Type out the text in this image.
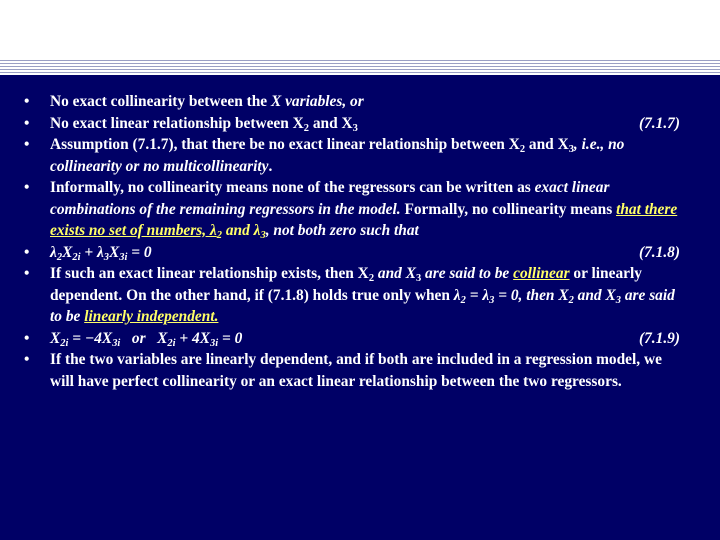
• No exact collinearity between the X variables, or
• No exact linear relationship between $X_2$ and $X_3$	(7.1.7)
• Assumption (7.1.7), that there be no exact linear relationship between $X_2$ and $X_3$, i.e., no collinearity or no multicollinearity.
• Informally, no collinearity means none of the regressors can be written as exact linear combinations of the remaining regressors in the model. Formally, no collinearity means that there exists no set of numbers, $\lambda_2$ and $\lambda_3$, not both zero such that
• $\lambda_2X_{2i} + \lambda_3X_{3i} = 0$	(7.1.8)
• If such an exact linear relationship exists, then $X_2$ and $X_3$ are said to be collinear or linearly dependent. On the other hand, if (7.1.8) holds true only when $\lambda_2 = \lambda_3 = 0$, then $X_2$ and $X_3$ are said to be linearly independent.
• $X_{2i} = -4X_{3i}$   or   $X_{2i} + 4X_{3i} = 0$	(7.1.9)
• If the two variables are linearly dependent, and if both are included in a regression model, we will have perfect collinearity or an exact linear relationship between the two regressors.
